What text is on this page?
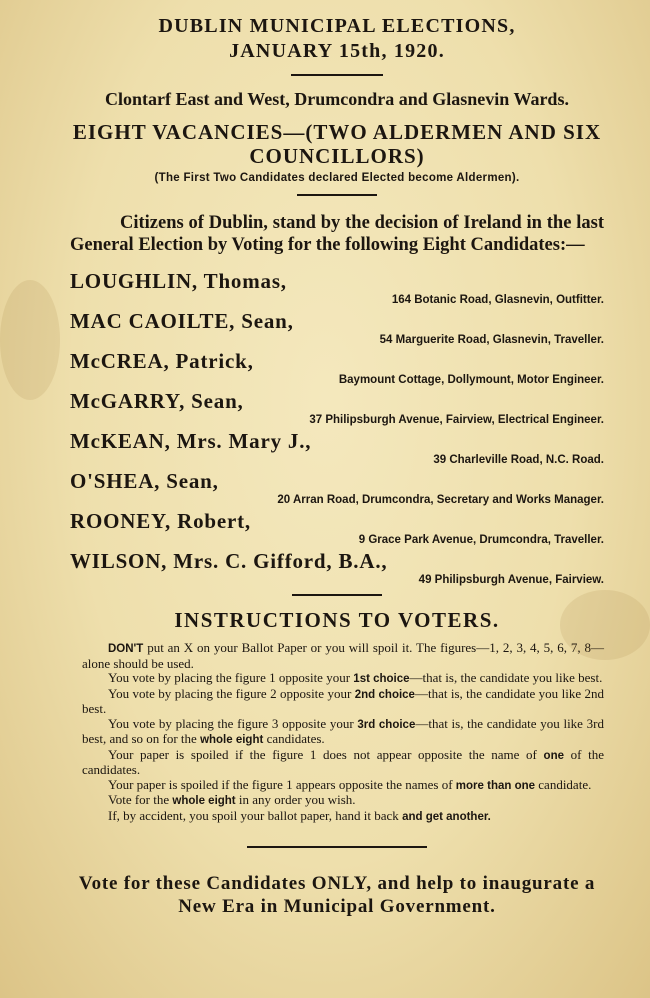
DUBLIN MUNICIPAL ELECTIONS,
JANUARY 15th, 1920.
Clontarf East and West, Drumcondra and Glasnevin Wards.
EIGHT VACANCIES—(TWO ALDERMEN AND SIX COUNCILLORS)
(The First Two Candidates declared Elected become Aldermen).
Citizens of Dublin, stand by the decision of Ireland in the last General Election by Voting for the following Eight Candidates:—
LOUGHLIN, Thomas,
164 Botanic Road, Glasnevin, Outfitter.
MAC CAOILTE, Sean,
54 Marguerite Road, Glasnevin, Traveller.
McCREA, Patrick,
Baymount Cottage, Dollymount, Motor Engineer.
McGARRY, Sean,
37 Philipsburgh Avenue, Fairview, Electrical Engineer.
McKEAN, Mrs. Mary J.,
39 Charleville Road, N.C. Road.
O'SHEA, Sean,
20 Arran Road, Drumcondra, Secretary and Works Manager.
ROONEY, Robert,
9 Grace Park Avenue, Drumcondra, Traveller.
WILSON, Mrs. C. Gifford, B.A.,
49 Philipsburgh Avenue, Fairview.
INSTRUCTIONS TO VOTERS.

DON'T put an X on your Ballot Paper or you will spoil it. The figures—1, 2, 3, 4, 5, 6, 7, 8—alone should be used.

You vote by placing the figure 1 opposite your 1st choice—that is, the candidate you like best.

You vote by placing the figure 2 opposite your 2nd choice—that is, the candidate you like 2nd best.

You vote by placing the figure 3 opposite your 3rd choice—that is, the candidate you like 3rd best, and so on for the whole eight candidates.

Your paper is spoiled if the figure 1 does not appear opposite the name of one of the candidates.

Your paper is spoiled if the figure 1 appears opposite the names of more than one candidate.

Vote for the whole eight in any order you wish.

If, by accident, you spoil your ballot paper, hand it back and get another.

Vote for these Candidates ONLY, and help to inaugurate a New Era in Municipal Government.
